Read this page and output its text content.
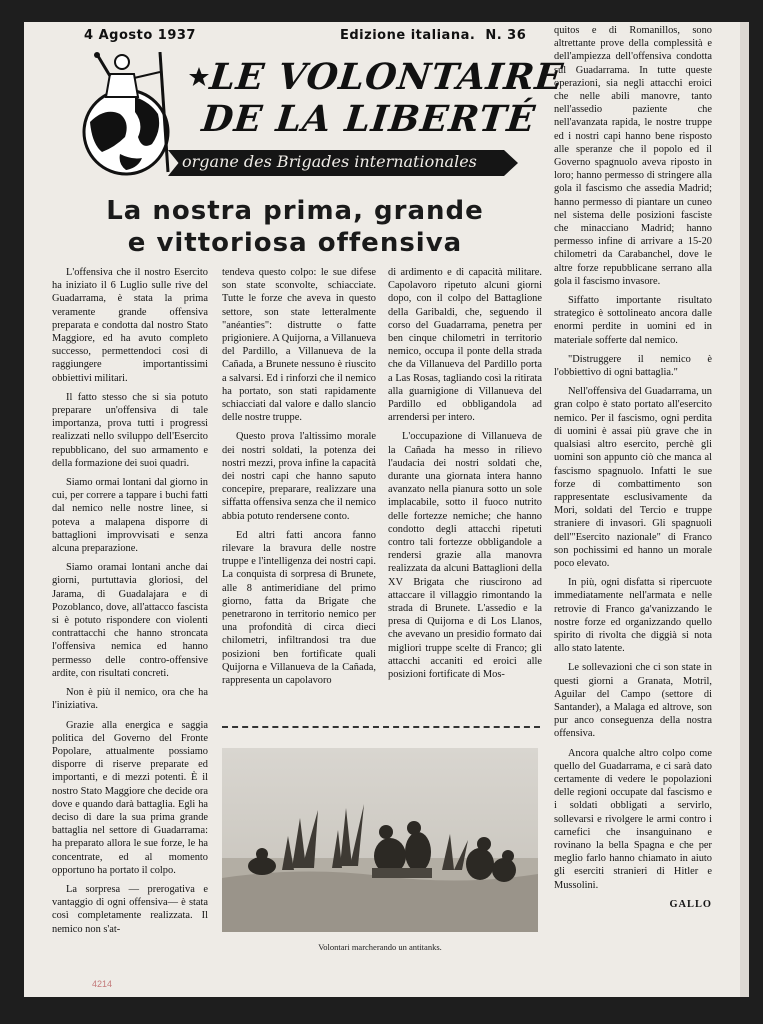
4 Agosto 1937	Edizione italiana.  N. 36
LE VOLONTAIRE
DE LA LIBERTÉ
organe des Brigades internationales
La nostra prima, grande
e vittoriosa offensiva

L'offensiva che il nostro Esercito ha iniziato il 6 Luglio sulle rive del Guadarrama, è stata la prima veramente grande offensiva preparata e condotta dal nostro Stato Maggiore, ed ha avuto completo successo, permettendoci così di raggiungere importantissimi obbiettivi militari.

Il fatto stesso che si sia potuto preparare un'offensiva di tale importanza, prova tutti i progressi realizzati nello sviluppo dell'Esercito repubblicano, del suo armamento e della formazione dei suoi quadri.

Siamo ormai lontani dal giorno in cui, per correre a tappare i buchi fatti dal nemico nelle nostre linee, si poteva a malapena disporre di battaglioni improvvisati e senza alcuna preparazione.

Siamo oramai lontani anche dai giorni, purtuttavia gloriosi, del Jarama, di Guadalajara e di Pozoblanco, dove, all'attacco fascista si è potuto rispondere con violenti contrattacchi che hanno stroncata l'offensiva nemica ed hanno permesso delle contro-offensive ardite, con risultati concreti.

Non è più il nemico, ora che ha l'iniziativa.

Grazie alla energica e saggia politica del Governo del Fronte Popolare, attualmente possiamo disporre di riserve preparate ed importanti, e di mezzi potenti. È il nostro Stato Maggiore che decide ora dove e quando darà battaglia. Egli ha deciso di dare la sua prima grande battaglia nel settore di Guadarrama: ha preparato allora le sue forze, le ha concentrate, ed al momento opportuno ha portato il colpo.

La sorpresa — prerogativa e vantaggio di ogni offensiva— è stata così completamente realizzata. Il nemico non s'at-

tendeva questo colpo: le sue difese son state sconvolte, schiacciate. Tutte le forze che aveva in questo settore, son state letteralmente "anéanties": distrutte o fatte prigioniere. A Quijorna, a Villanueva del Pardillo, a Villanueva de la Cañada, a Brunete nessuno è riuscito a salvarsi. Ed i rinforzi che il nemico ha portato, son stati rapidamente schiacciati dal valore e dallo slancio delle nostre truppe.

Questo prova l'altissimo morale dei nostri soldati, la potenza dei nostri mezzi, prova infine la capacità dei nostri capi che hanno saputo concepire, preparare, realizzare una siffatta offensiva senza che il nemico abbia potuto rendersene conto.

Ed altri fatti ancora fanno rilevare la bravura delle nostre truppe e l'intelligenza dei nostri capi. La conquista di sorpresa di Brunete, alle 8 antimeridiane del primo giorno, fatta da Brigate che penetrarono in territorio nemico per una profondità di circa dieci chilometri, infiltrandosi tra due posizioni ben fortificate quali Quijorna e Villanueva de la Cañada, rappresenta un capolavoro

di ardimento e di capacità militare. Capolavoro ripetuto alcuni giorni dopo, con il colpo del Battaglione della Garibaldi, che, seguendo il corso del Guadarrama, penetra per ben cinque chilometri in territorio nemico, occupa il ponte della strada che da Villanueva del Pardillo porta a Las Rosas, tagliando così la ritirata alla guarnigione di Villanueva del Pardillo ed obbligandola ad arrendersi per intero.

L'occupazione di Villanueva de la Cañada ha messo in rilievo l'audacia dei nostri soldati che, durante una giornata intera hanno avanzato nella pianura sotto un sole implacabile, sotto il fuoco nutrito delle fortezze nemiche; che hanno condotto degli attacchi ripetuti contro tali fortezze obbligandole a rendersi grazie alla manovra realizzata da alcuni Battaglioni della XV Brigata che riuscirono ad attaccare il villaggio rimontando la strada di Brunete. L'assedio e la presa di Quijorna e di Los Llanos, che avevano un presidio formato dai migliori truppe scelte di Franco; gli attacchi accaniti ed eroici alle posizioni fortificate di Mos-

quitos e di Romanillos, sono altrettante prove della complessità e dell'ampiezza dell'offensiva condotta sul Guadarrama. In tutte queste operazioni, sia negli attacchi eroici che nelle abili manovre, tanto nell'assedio paziente che nell'avanzata rapida, le nostre truppe ed i nostri capi hanno bene risposto alle speranze che il popolo ed il Governo spagnuolo aveva riposto in loro; hanno permesso di stringere alla gola il fascismo che assedia Madrid; hanno permesso di piantare un cuneo nel sistema delle posizioni fasciste che minacciano Madrid; hanno permesso infine di arrivare a 15-20 chilometri da Carabanchel, dove le altre forze repubblicane serrano alla gola il fascismo invasore.

Siffatto importante risultato strategico è sottolineato ancora dalle enormi perdite in uomini ed in materiale sofferte dal nemico.

"Distruggere il nemico è l'obbiettivo di ogni battaglia."

Nell'offensiva del Guadarrama, un gran colpo è stato portato all'esercito nemico. Per il fascismo, ogni perdita di uomini è assai più grave che in qualsiasi altro esercito, perchè gli uomini son appunto ciò che manca al fascismo spagnuolo. Infatti le sue forze di combattimento son rappresentate esclusivamente da Mori, soldati del Tercio e truppe straniere di invasori. Gli spagnuoli dell'"Esercito nazionale" di Franco son pochissimi ed hanno un morale poco elevato.

In più, ogni disfatta si ripercuote immediatamente nell'armata e nelle retrovie di Franco ga'vanizzando le nostre forze ed organizzando quello spirito di rivolta che diggià si nota allo stato latente.

Le sollevazioni che ci son state in questi giorni a Granata, Motril, Aguilar del Campo (settore di Santander), a Malaga ed altrove, son pur anco conseguenza della nostra offensiva.

Ancora qualche altro colpo come quello del Guadarrama, e ci sarà dato certamente di vedere le popolazioni delle regioni occupate dal fascismo e i soldati obbligati a servirlo, sollevarsi e rivolgere le armi contro i carnefici che insanguinano e rovinano la bella Spagna e che per meglio farlo hanno chiamato in aiuto gli eserciti stranieri di Hitler e Mussolini.

GALLO
Volontari marcherando un antitanks.
4214
